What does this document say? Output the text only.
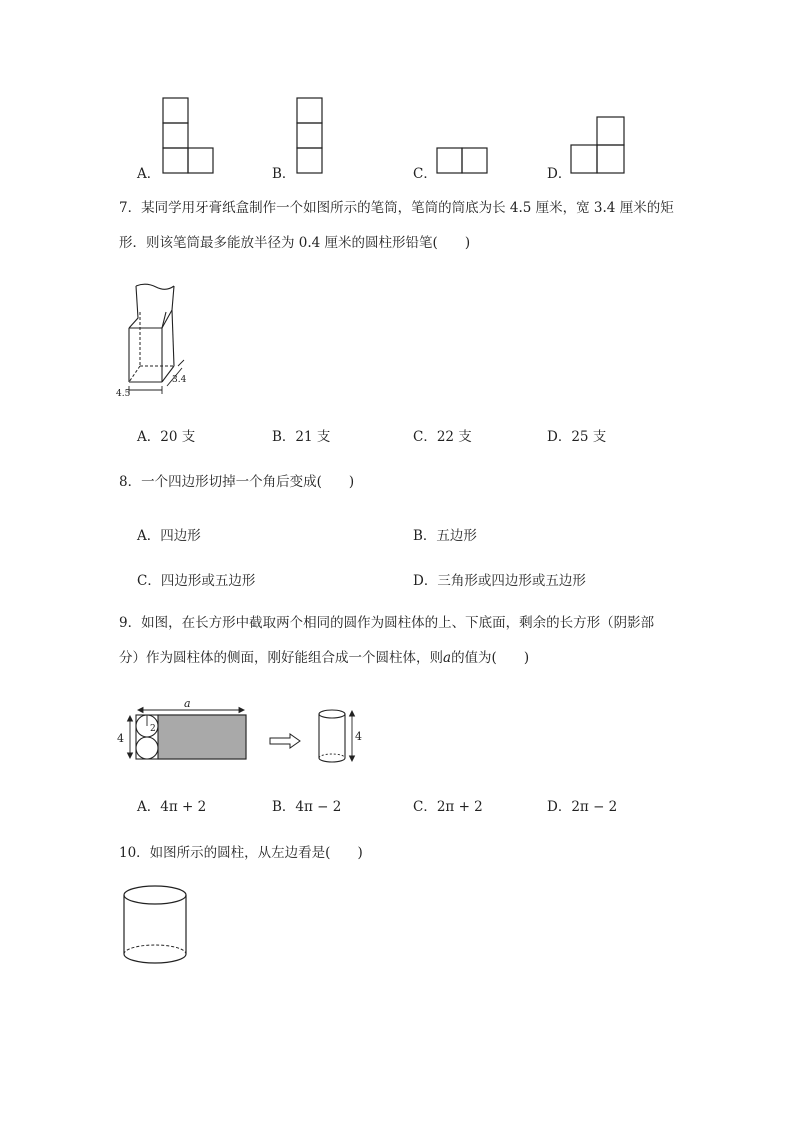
A．	B．	C．	D．
7．某同学用牙膏纸盒制作一个如图所示的笔筒，笔筒的筒底为长 4.5 厘米，宽 3.4 厘米的矩
形．则该笔筒最多能放半径为 0.4 厘米的圆柱形铅笔(　　)
4.5
3.4
A．20 支	B．21 支	C．22 支	D．25 支
8．一个四边形切掉一个角后变成(　　)
A．四边形	B．五边形
C．四边形或五边形	D．三角形或四边形或五边形
9．如图，在长方形中截取两个相同的圆作为圆柱体的上、下底面，剩余的长方形（阴影部
分）作为圆柱体的侧面，刚好能组合成一个圆柱体，则a的值为(　　)
a
4
2
4
A．4π + 2	B．4π − 2	C．2π + 2	D．2π − 2
10．如图所示的圆柱，从左边看是(　　)
